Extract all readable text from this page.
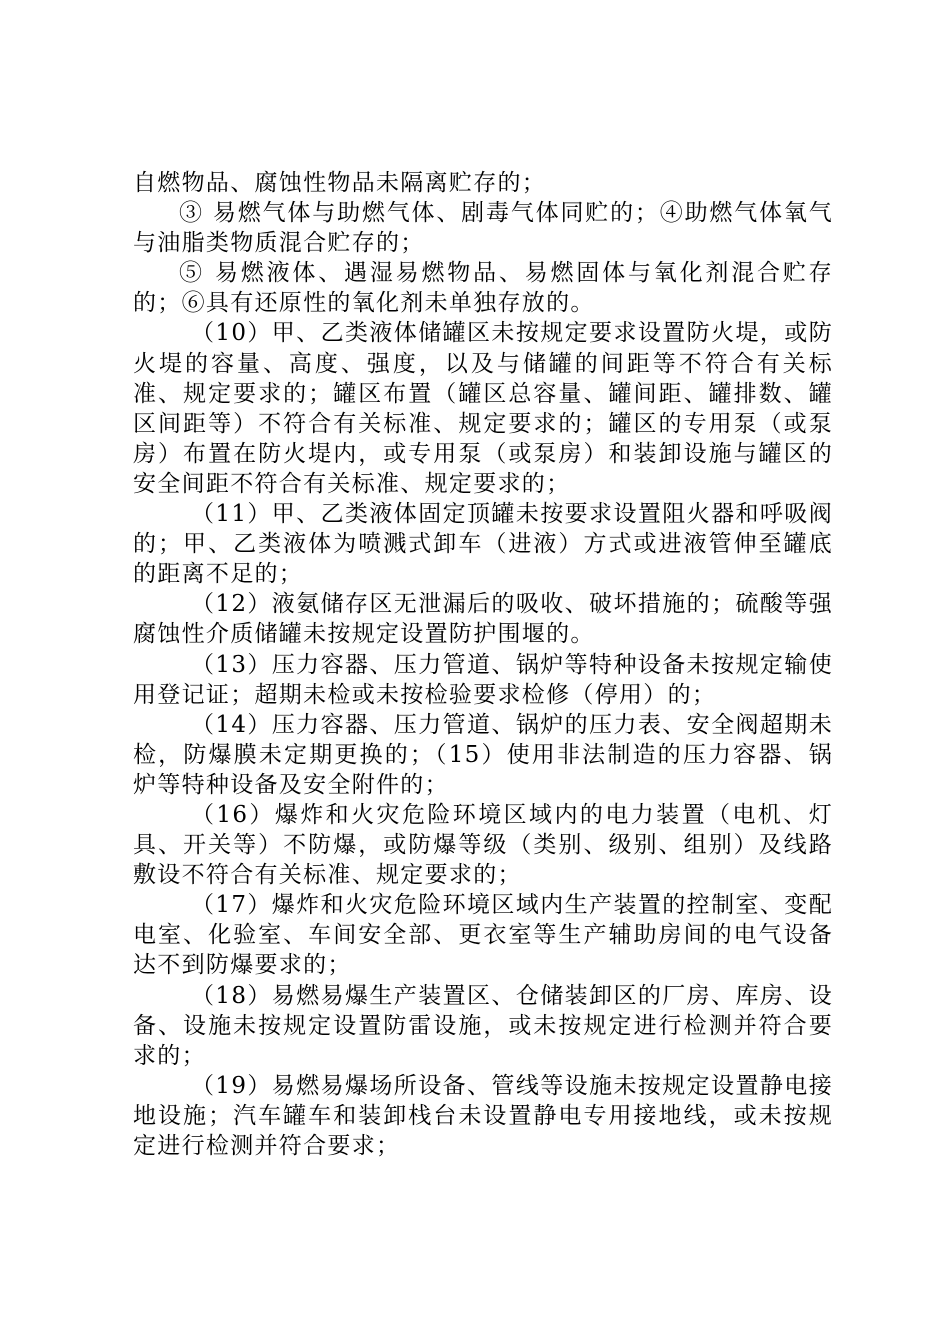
自燃物品、腐蚀性物品未隔离贮存的；

③ 易燃气体与助燃气体、剧毒气体同贮的；④助燃气体氧气与油脂类物质混合贮存的；

⑤ 易燃液体、遇湿易燃物品、易燃固体与氧化剂混合贮存的；⑥具有还原性的氧化剂未单独存放的。

（10）甲、乙类液体储罐区未按规定要求设置防火堤，或防火堤的容量、高度、强度，以及与储罐的间距等不符合有关标准、规定要求的；罐区布置（罐区总容量、罐间距、罐排数、罐区间距等）不符合有关标准、规定要求的；罐区的专用泵（或泵房）布置在防火堤内，或专用泵（或泵房）和装卸设施与罐区的安全间距不符合有关标准、规定要求的；

（11）甲、乙类液体固定顶罐未按要求设置阻火器和呼吸阀的；甲、乙类液体为喷溅式卸车（进液）方式或进液管伸至罐底的距离不足的；

（12）液氨储存区无泄漏后的吸收、破坏措施的；硫酸等强腐蚀性介质储罐未按规定设置防护围堰的。

（13）压力容器、压力管道、锅炉等特种设备未按规定输使用登记证；超期未检或未按检验要求检修（停用）的；

（14）压力容器、压力管道、锅炉的压力表、安全阀超期未检，防爆膜未定期更换的；（15）使用非法制造的压力容器、锅炉等特种设备及安全附件的；

（16）爆炸和火灾危险环境区域内的电力装置（电机、灯具、开关等）不防爆，或防爆等级（类别、级别、组别）及线路敷设不符合有关标准、规定要求的；

（17）爆炸和火灾危险环境区域内生产装置的控制室、变配电室、化验室、车间安全部、更衣室等生产辅助房间的电气设备达不到防爆要求的；

（18）易燃易爆生产装置区、仓储装卸区的厂房、库房、设备、设施未按规定设置防雷设施，或未按规定进行检测并符合要求的；

（19）易燃易爆场所设备、管线等设施未按规定设置静电接地设施；汽车罐车和装卸栈台未设置静电专用接地线，或未按规定进行检测并符合要求；
